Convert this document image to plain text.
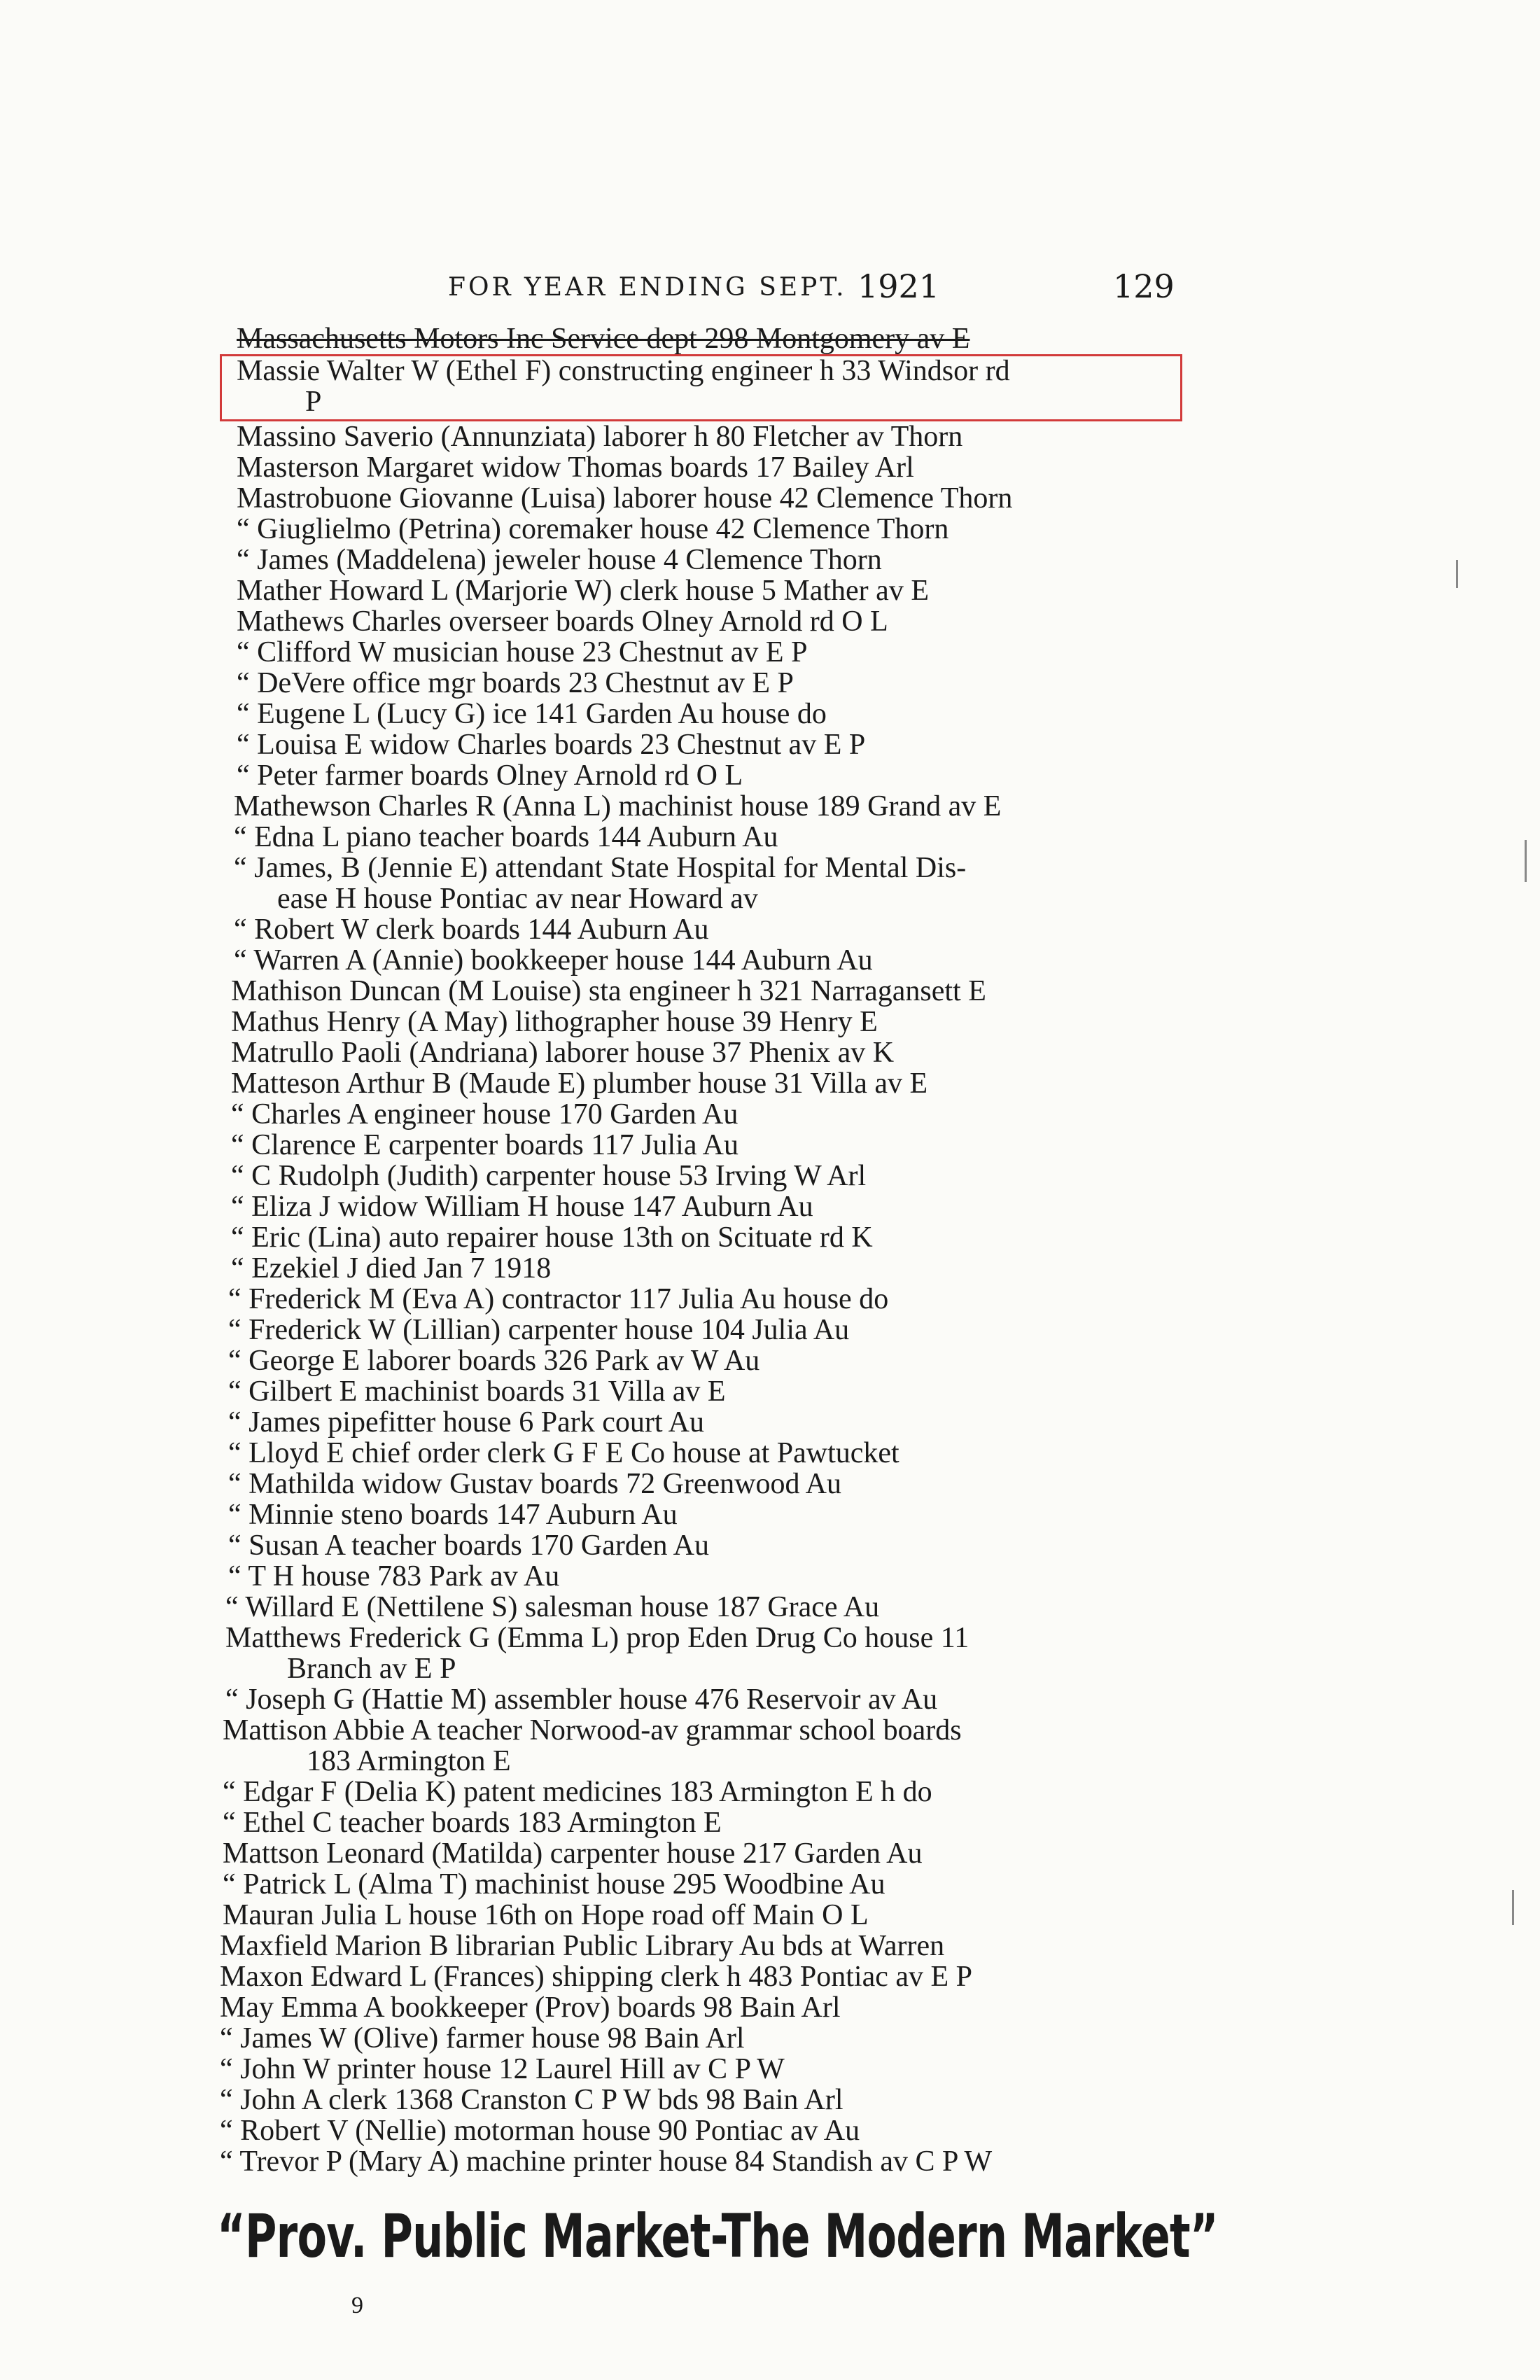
FOR YEAR ENDING SEPT. 1921	129
Massachusetts Motors Inc Service dept 298 Montgomery av E
Massie Walter W (Ethel F) constructing engineer h 33 Windsor rd
P
Massino Saverio (Annunziata) laborer h 80 Fletcher av Thorn
Masterson Margaret widow Thomas boards 17 Bailey Arl
Mastrobuone Giovanne (Luisa) laborer house 42 Clemence Thorn
“ Giuglielmo (Petrina) coremaker house 42 Clemence Thorn
“ James (Maddelena) jeweler house 4 Clemence Thorn
Mather Howard L (Marjorie W) clerk house 5 Mather av E
Mathews Charles overseer boards Olney Arnold rd O L
“ Clifford W musician house 23 Chestnut av E P
“ DeVere office mgr boards 23 Chestnut av E P
“ Eugene L (Lucy G) ice 141 Garden Au house do
“ Louisa E widow Charles boards 23 Chestnut av E P
“ Peter farmer boards Olney Arnold rd O L
Mathewson Charles R (Anna L) machinist house 189 Grand av E
“ Edna L piano teacher boards 144 Auburn Au
“ James, B (Jennie E) attendant State Hospital for Mental Dis-
ease H house Pontiac av near Howard av
“ Robert W clerk boards 144 Auburn Au
“ Warren A (Annie) bookkeeper house 144 Auburn Au
Mathison Duncan (M Louise) sta engineer h 321 Narragansett E
Mathus Henry (A May) lithographer house 39 Henry E
Matrullo Paoli (Andriana) laborer house 37 Phenix av K
Matteson Arthur B (Maude E) plumber house 31 Villa av E
“ Charles A engineer house 170 Garden Au
“ Clarence E carpenter boards 117 Julia Au
“ C Rudolph (Judith) carpenter house 53 Irving W Arl
“ Eliza J widow William H house 147 Auburn Au
“ Eric (Lina) auto repairer house 13th on Scituate rd K
“ Ezekiel J died Jan 7 1918
“ Frederick M (Eva A) contractor 117 Julia Au house do
“ Frederick W (Lillian) carpenter house 104 Julia Au
“ George E laborer boards 326 Park av W Au
“ Gilbert E machinist boards 31 Villa av E
“ James pipefitter house 6 Park court Au
“ Lloyd E chief order clerk G F E Co house at Pawtucket
“ Mathilda widow Gustav boards 72 Greenwood Au
“ Minnie steno boards 147 Auburn Au
“ Susan A teacher boards 170 Garden Au
“ T H house 783 Park av Au
“ Willard E (Nettilene S) salesman house 187 Grace Au
Matthews Frederick G (Emma L) prop Eden Drug Co house 11
Branch av E P
“ Joseph G (Hattie M) assembler house 476 Reservoir av Au
Mattison Abbie A teacher Norwood-av grammar school boards
183 Armington E
“ Edgar F (Delia K) patent medicines 183 Armington E h do
“ Ethel C teacher boards 183 Armington E
Mattson Leonard (Matilda) carpenter house 217 Garden Au
“ Patrick L (Alma T) machinist house 295 Woodbine Au
Mauran Julia L house 16th on Hope road off Main O L
Maxfield Marion B librarian Public Library Au bds at Warren
Maxon Edward L (Frances) shipping clerk h 483 Pontiac av E P
May Emma A bookkeeper (Prov) boards 98 Bain Arl
“ James W (Olive) farmer house 98 Bain Arl
“ John W printer house 12 Laurel Hill av C P W
“ John A clerk 1368 Cranston C P W bds 98 Bain Arl
“ Robert V (Nellie) motorman house 90 Pontiac av Au
“ Trevor P (Mary A) machine printer house 84 Standish av C P W
“Prov. Public Market-The Modern Market”
9
